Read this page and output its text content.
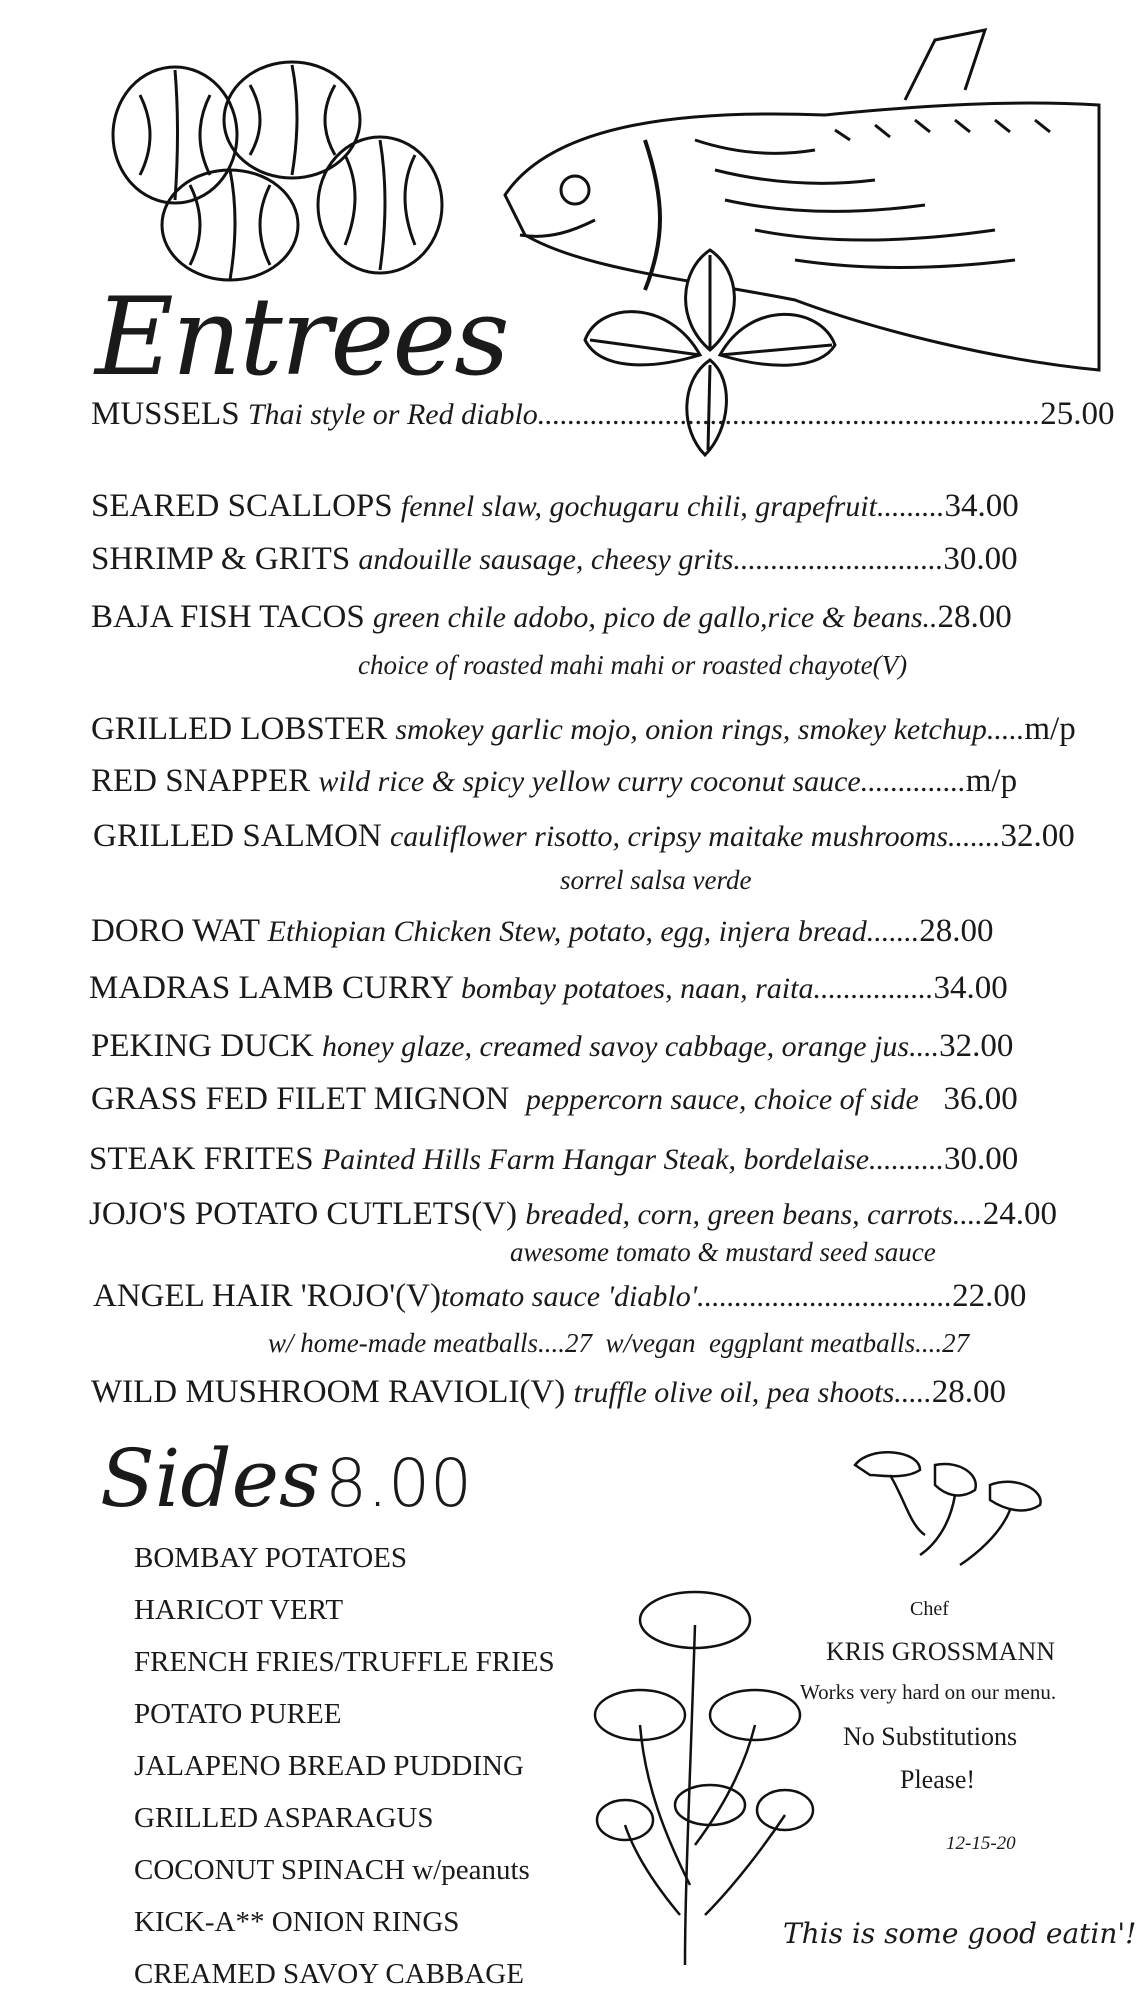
Entrees
MUSSELS Thai style or Red diablo...................................................................25.00
SEARED SCALLOPS fennel slaw, gochugaru chili, grapefruit.........34.00
SHRIMP & GRITS andouille sausage, cheesy grits............................30.00
BAJA FISH TACOS green chile adobo, pico de gallo,rice & beans..28.00
choice of roasted mahi mahi or roasted chayote(V)
GRILLED LOBSTER smokey garlic mojo, onion rings, smokey ketchup.....m/p
RED SNAPPER wild rice & spicy yellow curry coconut sauce..............m/p
GRILLED SALMON cauliflower risotto, cripsy maitake mushrooms.......32.00
sorrel salsa verde
DORO WAT Ethiopian Chicken Stew, potato, egg, injera bread.......28.00
MADRAS LAMB CURRY bombay potatoes, naan, raita................34.00
PEKING DUCK honey glaze, creamed savoy cabbage, orange jus....32.00
GRASS FED FILET MIGNON peppercorn sauce, choice of side 36.00
STEAK FRITES Painted Hills Farm Hangar Steak, bordelaise..........30.00
JOJO'S POTATO CUTLETS(V) breaded, corn, green beans, carrots....24.00
awesome tomato & mustard seed sauce
ANGEL HAIR 'ROJO'(V)tomato sauce 'diablo'..................................22.00
w/ home-made meatballs....27  w/vegan  eggplant meatballs....27
WILD MUSHROOM RAVIOLI(V) truffle olive oil, pea shoots.....28.00
Sides 8.00
BOMBAY POTATOES
HARICOT VERT
FRENCH FRIES/TRUFFLE FRIES
POTATO PUREE
JALAPENO BREAD PUDDING
GRILLED ASPARAGUS
COCONUT SPINACH w/peanuts
KICK-A** ONION RINGS
CREAMED SAVOY CABBAGE
Chef
KRIS GROSSMANN
Works very hard on our menu.
No Substitutions
Please!
12-15-20
This is some good eatin'!
